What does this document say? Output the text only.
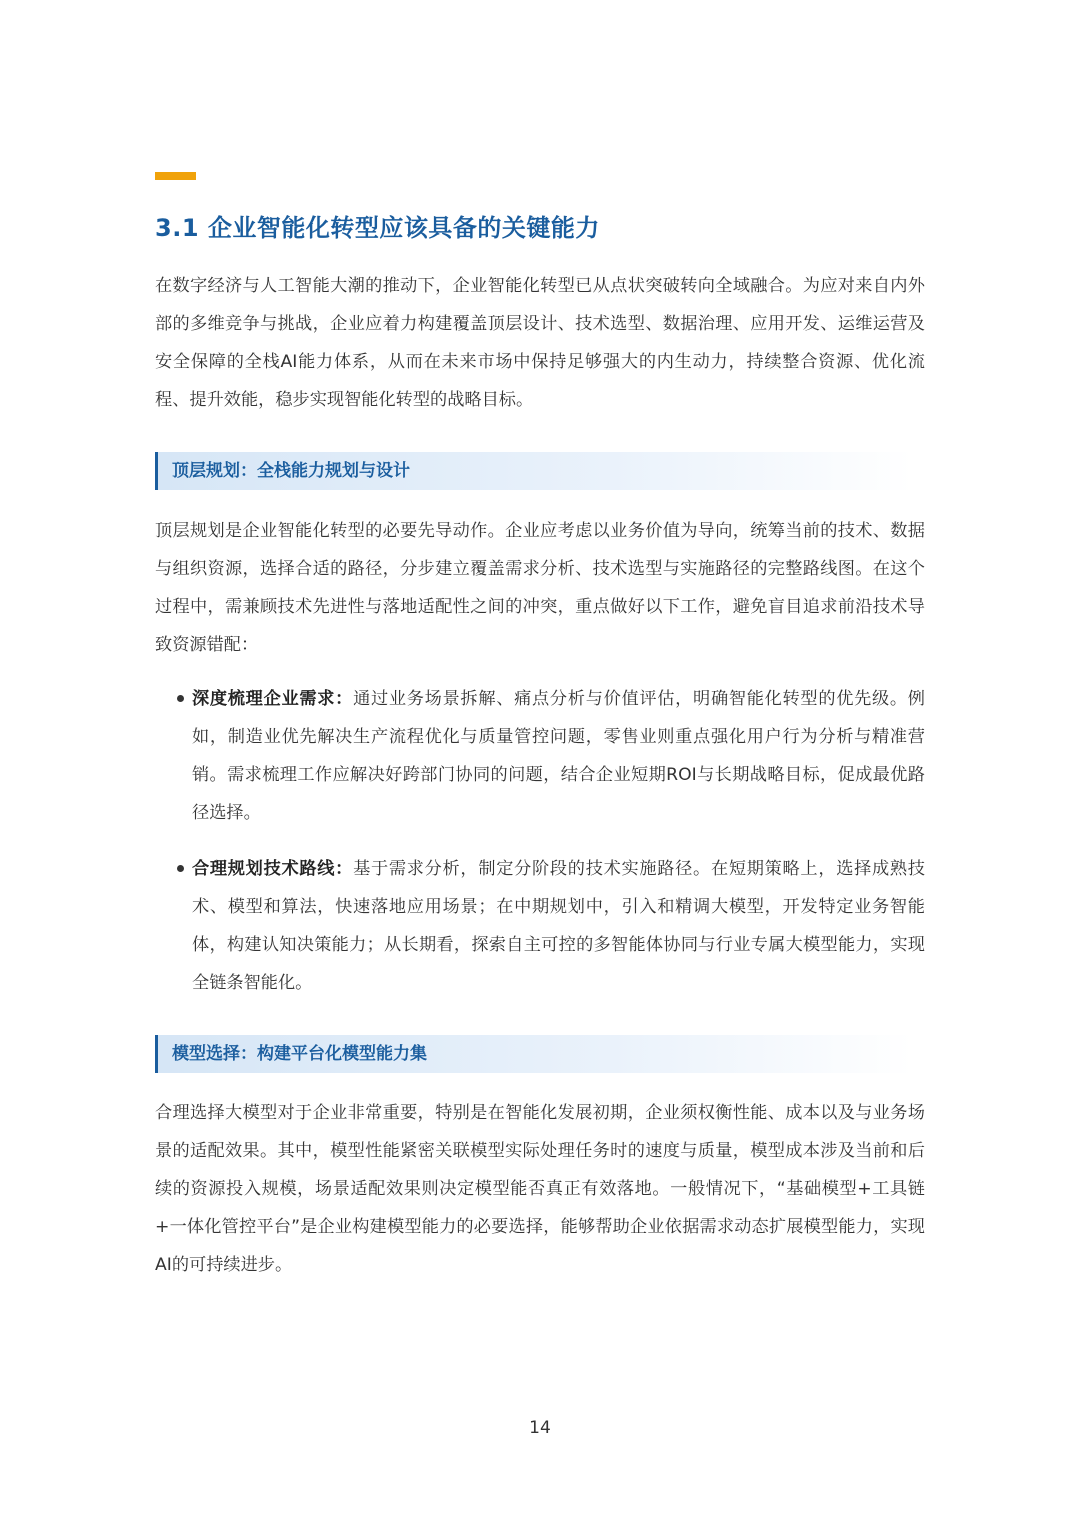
3.1 企业智能化转型应该具备的关键能力

在数字经济与人工智能大潮的推动下，企业智能化转型已从点状突破转向全域融合。为应对来自内外部的多维竞争与挑战，企业应着力构建覆盖顶层设计、技术选型、数据治理、应用开发、运维运营及安全保障的全栈AI能力体系，从而在未来市场中保持足够强大的内生动力，持续整合资源、优化流程、提升效能，稳步实现智能化转型的战略目标。

顶层规划：全栈能力规划与设计

顶层规划是企业智能化转型的必要先导动作。企业应考虑以业务价值为导向，统筹当前的技术、数据与组织资源，选择合适的路径，分步建立覆盖需求分析、技术选型与实施路径的完整路线图。在这个过程中，需兼顾技术先进性与落地适配性之间的冲突，重点做好以下工作，避免盲目追求前沿技术导致资源错配：

深度梳理企业需求：通过业务场景拆解、痛点分析与价值评估，明确智能化转型的优先级。例如，制造业优先解决生产流程优化与质量管控问题，零售业则重点强化用户行为分析与精准营销。需求梳理工作应解决好跨部门协同的问题，结合企业短期ROI与长期战略目标，促成最优路径选择。

合理规划技术路线：基于需求分析，制定分阶段的技术实施路径。在短期策略上，选择成熟技术、模型和算法，快速落地应用场景；在中期规划中，引入和精调大模型，开发特定业务智能体，构建认知决策能力；从长期看，探索自主可控的多智能体协同与行业专属大模型能力，实现全链条智能化。

模型选择：构建平台化模型能力集

合理选择大模型对于企业非常重要，特别是在智能化发展初期，企业须权衡性能、成本以及与业务场景的适配效果。其中，模型性能紧密关联模型实际处理任务时的速度与质量，模型成本涉及当前和后续的资源投入规模，场景适配效果则决定模型能否真正有效落地。一般情况下，“基础模型+工具链+一体化管控平台”是企业构建模型能力的必要选择，能够帮助企业依据需求动态扩展模型能力，实现AI的可持续进步。

14
